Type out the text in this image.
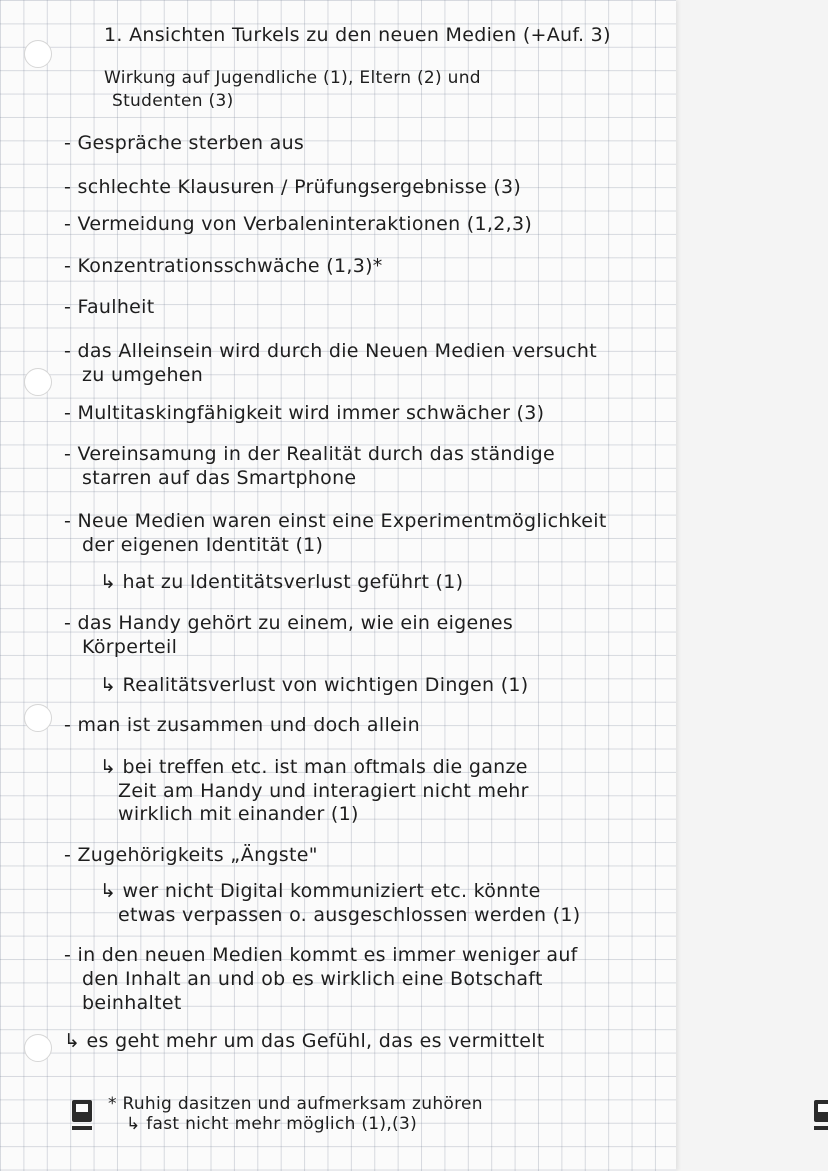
1. Ansichten Turkels zu den neuen Medien (+Auf. 3)
Wirkung auf Jugendliche (1), Eltern (2) und
Studenten (3)
- Gespräche sterben aus
- schlechte Klausuren / Prüfungsergebnisse (3)
- Vermeidung von Verbaleninteraktionen (1,2,3)
- Konzentrationsschwäche (1,3)*
- Faulheit
- das Alleinsein wird durch die Neuen Medien versucht
zu umgehen
- Multitaskingfähigkeit wird immer schwächer (3)
- Vereinsamung in der Realität durch das ständige
starren auf das Smartphone
- Neue Medien waren einst eine Experimentmöglichkeit
der eigenen Identität (1)
↳ hat zu Identitätsverlust geführt (1)
- das Handy gehört zu einem, wie ein eigenes
Körperteil
↳ Realitätsverlust von wichtigen Dingen (1)
- man ist zusammen und doch allein
↳ bei treffen etc. ist man oftmals die ganze
Zeit am Handy und interagiert nicht mehr
wirklich mit einander (1)
- Zugehörigkeits „Ängste"
↳ wer nicht Digital kommuniziert etc. könnte
etwas verpassen o. ausgeschlossen werden (1)
- in den neuen Medien kommt es immer weniger auf
den Inhalt an und ob es wirklich eine Botschaft
beinhaltet
↳ es geht mehr um das Gefühl, das es vermittelt
* Ruhig dasitzen und aufmerksam zuhören
↳ fast nicht mehr möglich (1),(3)
